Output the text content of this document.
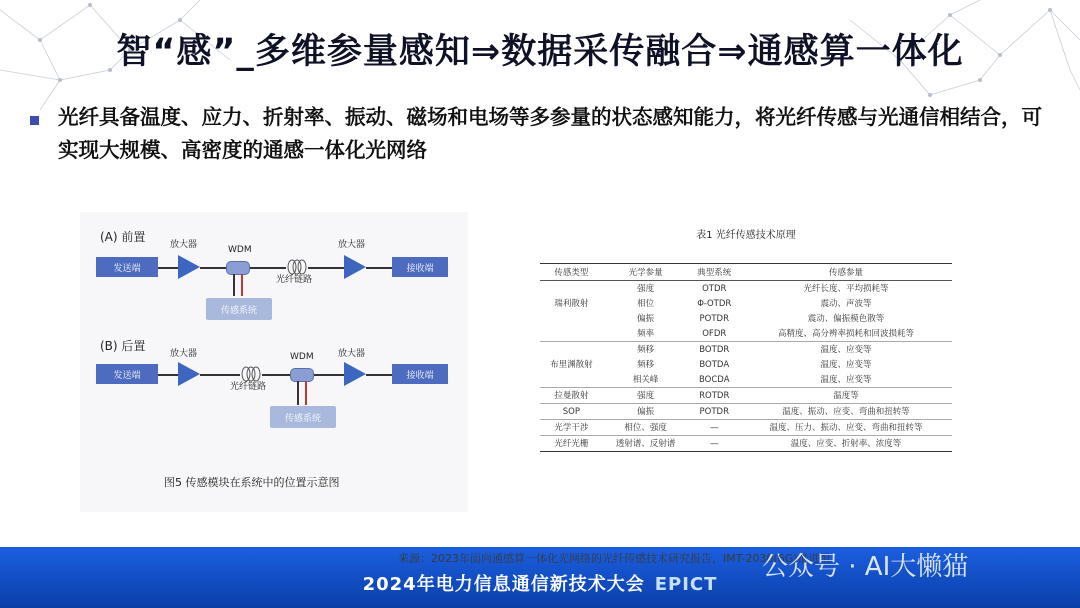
智“感”_多维参量感知⇒数据采传融合⇒通感算一体化
光纤具备温度、应力、折射率、振动、磁场和电场等多参量的状态感知能力，将光纤传感与光通信相结合，可实现大规模、高密度的通感一体化光网络
(A) 前置
放大器	WDM	放大器
发送端
光纤链路
接收端
传感系统
(B) 后置
放大器	WDM	放大器
发送端
光纤链路
接收端
传感系统
图5 传感模块在系统中的位置示意图
表1 光纤传感技术原理
传感类型	光学参量	典型系统	传感参量
	强度	OTDR	光纤长度、平均损耗等
瑞利散射	相位	Φ-OTDR	震动、声波等
	偏振	POTDR	震动、偏振模色散等
	频率	OFDR	高精度、高分辨率损耗和回波损耗等
	频移	BOTDR	温度、应变等
布里渊散射	频移	BOTDA	温度、应变等
	相关峰	BOCDA	温度、应变等
拉曼散射	强度	ROTDR	温度等
SOP	偏振	POTDR	温度、振动、应变、弯曲和扭转等
光学干涉	相位、强度	—	温度、压力、振动、应变、弯曲和扭转等
光纤光栅	透射谱、反射谱	—	温度、应变、折射率、浓度等
来源：2023年面向通感算一体化光网络的光纤传感技术研究报告，IMT-2030(6G)推进组
2024年电力信息通信新技术大会 EPICT
公众号 · AI大懒猫
